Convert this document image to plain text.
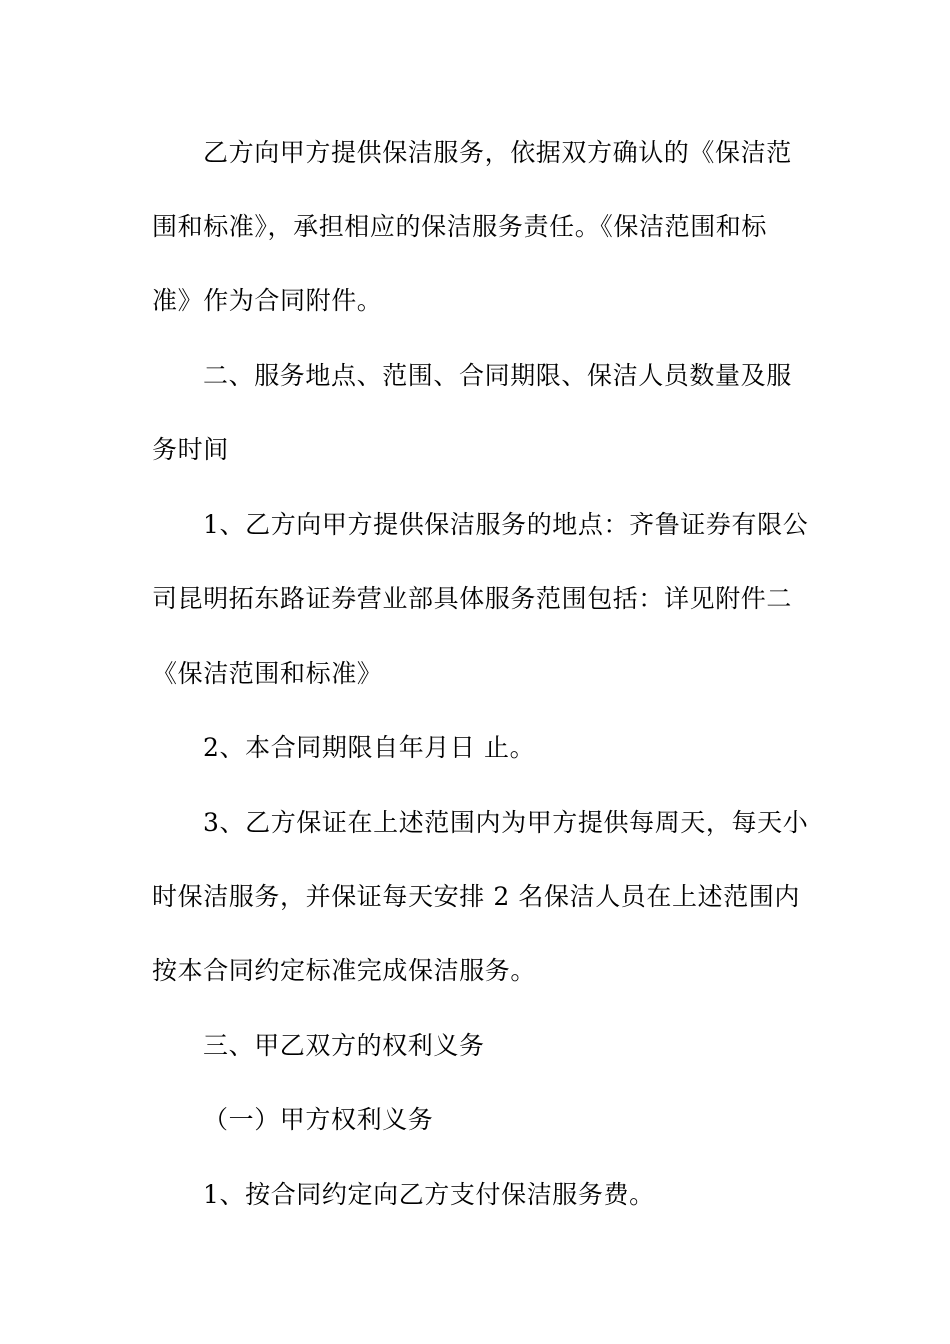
乙方向甲方提供保洁服务，依据双方确认的《保洁范
围和标准》，承担相应的保洁服务责任。《保洁范围和标
准》作为合同附件。
二、服务地点、范围、合同期限、保洁人员数量及服
务时间
1、乙方向甲方提供保洁服务的地点：齐鲁证券有限公
司昆明拓东路证券营业部具体服务范围包括：详见附件二
《保洁范围和标准》
2、本合同期限自年月日 止。
3、乙方保证在上述范围内为甲方提供每周天，每天小
时保洁服务，并保证每天安排 2 名保洁人员在上述范围内
按本合同约定标准完成保洁服务。
三、甲乙双方的权利义务
（一）甲方权利义务
1、按合同约定向乙方支付保洁服务费。
